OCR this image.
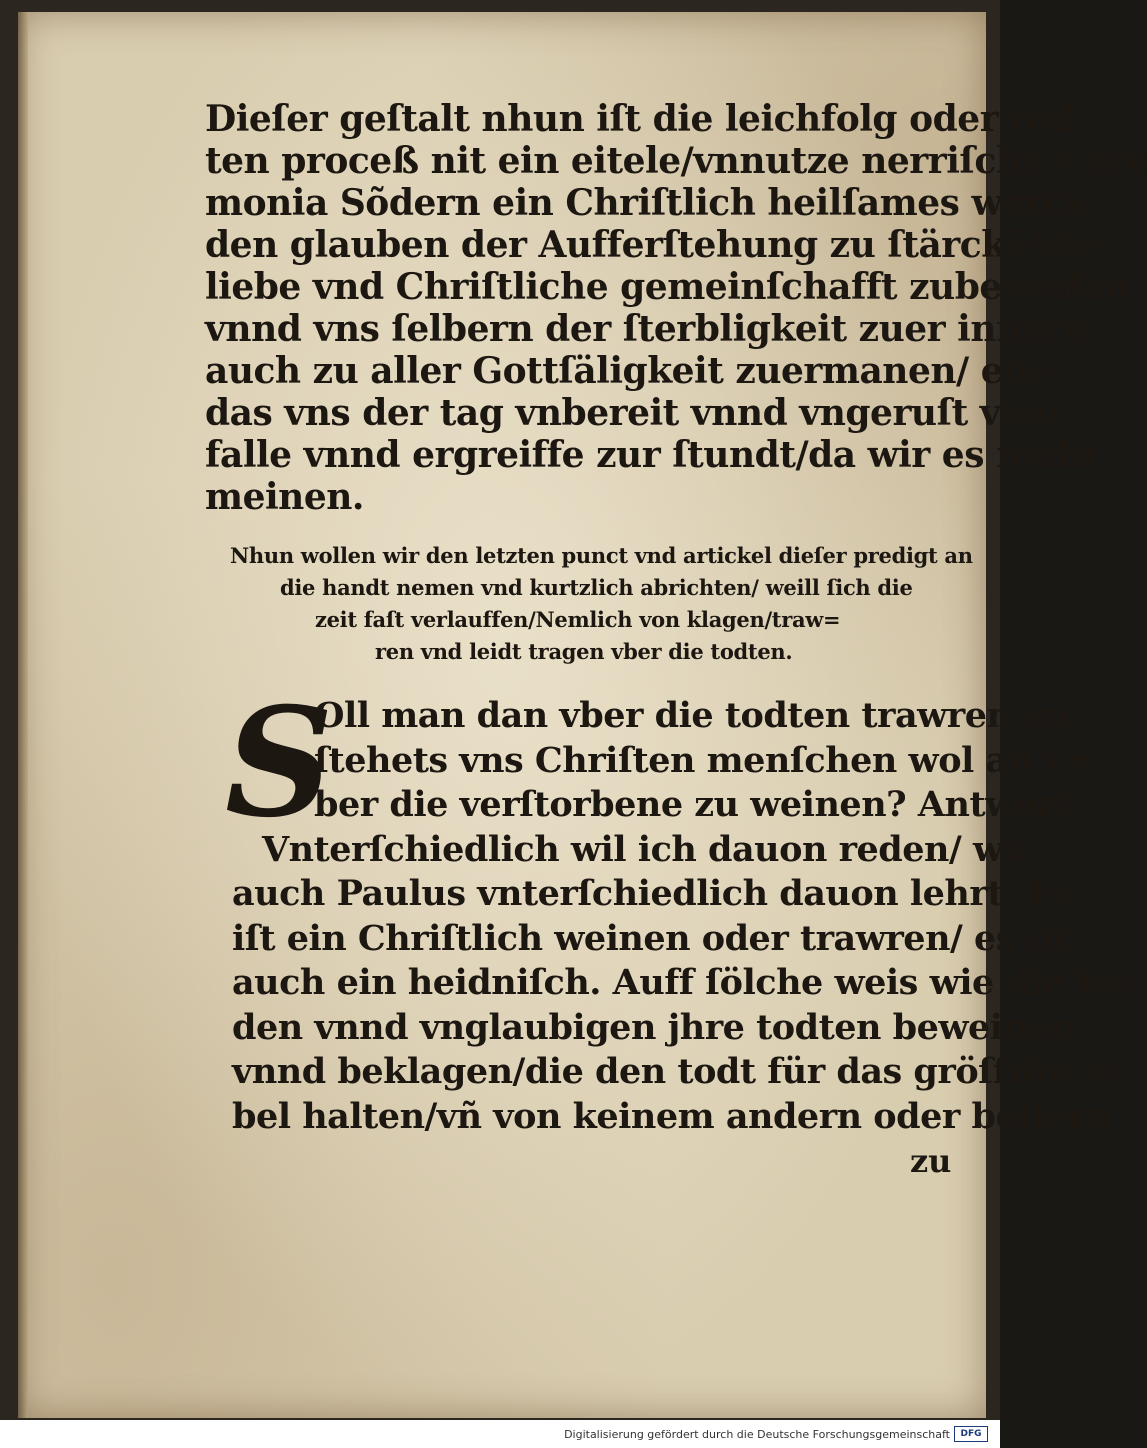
Dieſer geſtalt nhun iſt die leichfolg oder tod
ten proceß nit ein eitele/vnnutze nerriſche Cere
monia Sõdern ein Chriſtlich heilſames werck/
den glauben der Aufferſtehung zu ſtärckẽ/die
liebe vnd Chriſtliche gemeinſchafft zubeweiſen
vnnd vns ſelbern der ſterbligkeit zuer innern/
auch zu aller Gottſäligkeit zuermanen/ ehe
das vns der tag vnbereit vnnd vngeruſt vber
falle vnnd ergreiffe zur ſtundt/da wir es nicht
meinen.
Nhun wollen wir den letzten punct vnd artickel dieſer predigt an
die handt nemen vnd kurtzlich abrichten/ weill ſich die
zeit faſt verlauffen/Nemlich von klagen/traw=
ren vnd leidt tragen vber die todten.
S
Oll man dan vber die todten trawren vñ
ſtehets vns Chriſten menſchen wol an v=
ber die verſtorbene zu weinen? Antwort:
Vnterſchiedlich wil ich dauon reden/ wie
auch Paulus vnterſchiedlich dauon lehrt. Es
iſt ein Chriſtlich weinen oder trawren/ es iſt
auch ein heidniſch. Auff ſölche weis wie die hei
den vnnd vnglaubigen jhre todten beweinen
vnnd beklagen/die den todt für das gröſſiſte v=
bel halten/vñ von keinem andern oder beſſern
zu
Digitalisierung gefördert durch die Deutsche Forschungsgemeinschaft	DFG
